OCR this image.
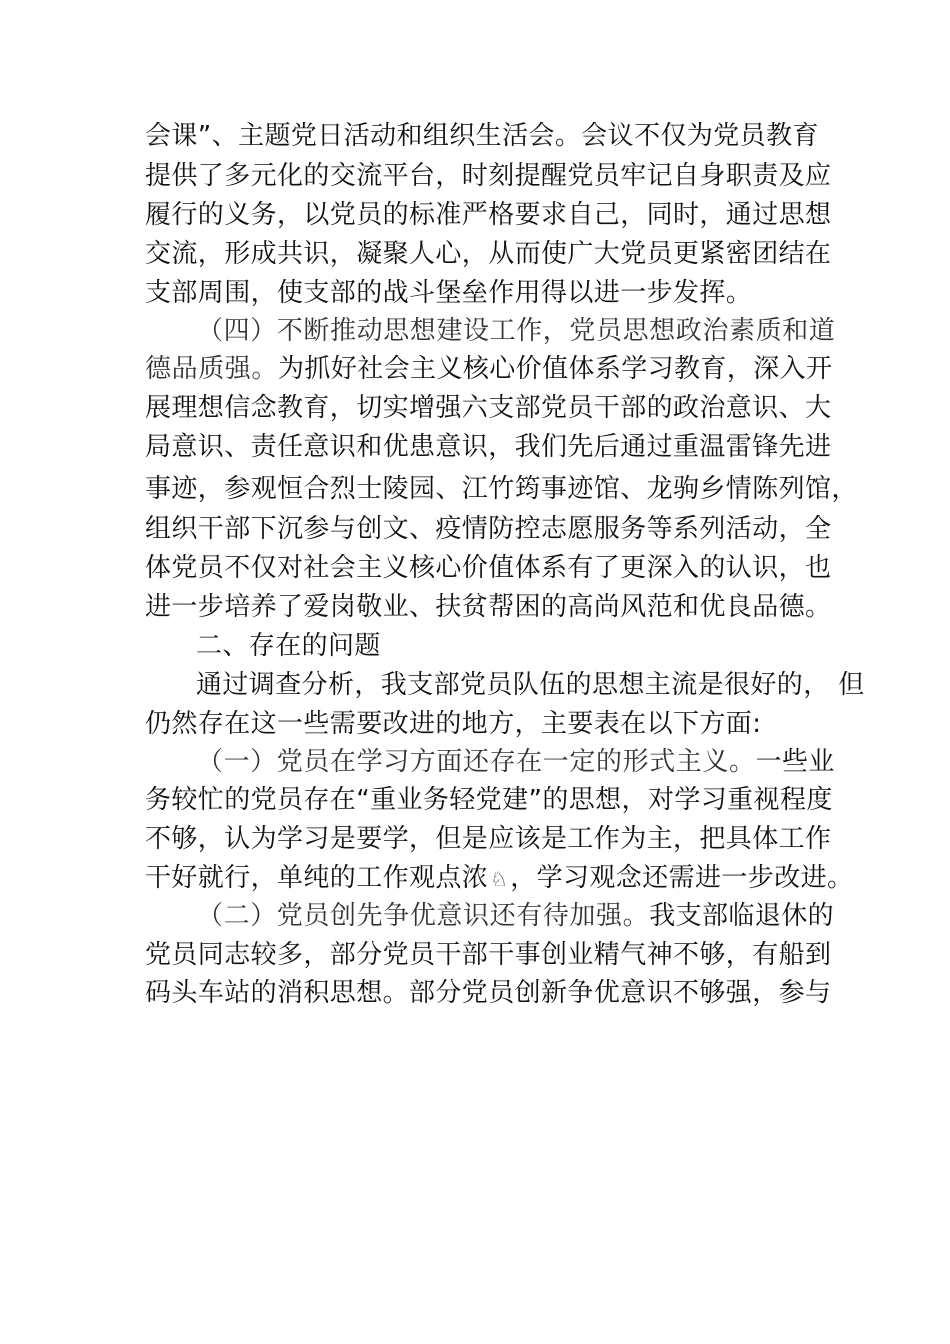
会课”、主题党日活动和组织生活会。会议不仅为党员教育
提供了多元化的交流平台，时刻提醒党员牢记自身职责及应
履行的义务，以党员的标准严格要求自己，同时，通过思想
交流，形成共识，凝聚人心，从而使广大党员更紧密团结在
支部周围，使支部的战斗堡垒作用得以进一步发挥。
（四）不断推动思想建设工作，党员思想政治素质和道
德品质强。为抓好社会主义核心价值体系学习教育，深入开
展理想信念教育，切实增强六支部党员干部的政治意识、大
局意识、责任意识和优患意识，我们先后通过重温雷锋先进
事迹，参观恒合烈士陵园、江竹筠事迹馆、龙驹乡情陈列馆，
组织干部下沉参与创文、疫情防控志愿服务等系列活动，全
体党员不仅对社会主义核心价值体系有了更深入的认识，也
进一步培养了爱岗敬业、扶贫帮困的高尚风范和优良品德。
二、存在的问题
通过调查分析，我支部党员队伍的思想主流是很好的， 但
仍然存在这一些需要改进的地方，主要表在以下方面:
（一）党员在学习方面还存在一定的形式主义。一些业
务较忙的党员存在“重业务轻党建”的思想，对学习重视程度
不够，认为学习是要学，但是应该是工作为主，把具体工作
干好就行，单纯的工作观点浓♘，学习观念还需进一步改进。
（二）党员创先争优意识还有待加强。我支部临退休的
党员同志较多，部分党员干部干事创业精气神不够，有船到
码头车站的消积思想。部分党员创新争优意识不够强，参与
